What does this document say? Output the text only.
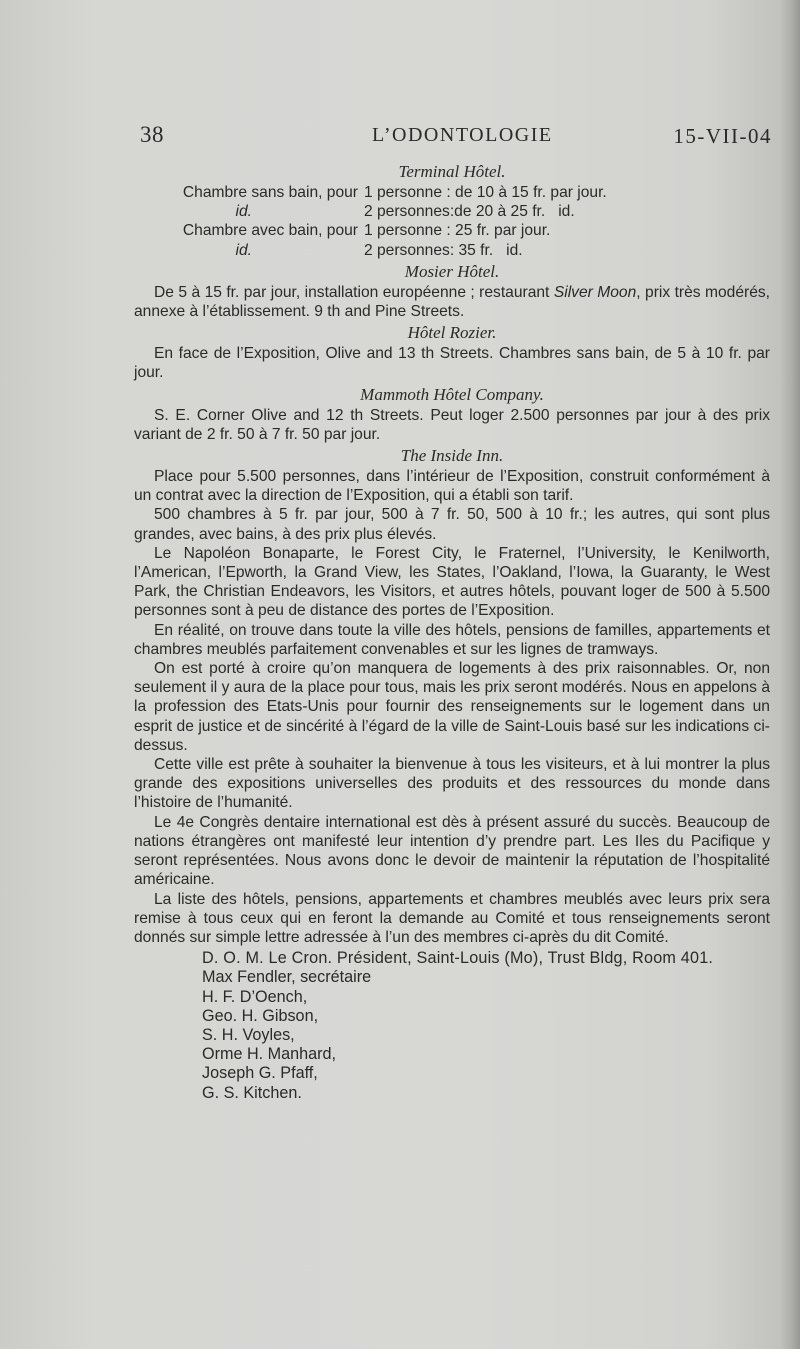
38	L’ODONTOLOGIE	15-VII-04
Terminal Hôtel.
Chambre sans bain, pour 1 personne : de 10 à 15 fr. par jour.
id.	2 personnes:de 20 à 25 fr.   id.
Chambre avec bain, pour 1 personne : 25 fr. par jour.
id.	2 personnes: 35 fr.   id.
Mosier Hôtel.

De 5 à 15 fr. par jour, installation européenne ; restaurant Silver Moon, prix très modérés, annexe à l’établissement. 9 th and Pine Streets.

Hôtel Rozier.

En face de l’Exposition, Olive and 13 th Streets. Chambres sans bain, de 5 à 10 fr. par jour.

Mammoth Hôtel Company.

S. E. Corner Olive and 12 th Streets. Peut loger 2.500 personnes par jour à des prix variant de 2 fr. 50 à 7 fr. 50 par jour.

The Inside Inn.

Place pour 5.500 personnes, dans l’intérieur de l’Exposition, construit conformément à un contrat avec la direction de l’Exposition, qui a établi son tarif.

500 chambres à 5 fr. par jour, 500 à 7 fr. 50, 500 à 10 fr.; les autres, qui sont plus grandes, avec bains, à des prix plus élevés.

Le Napoléon Bonaparte, le Forest City, le Fraternel, l’University, le Kenilworth, l’American, l’Epworth, la Grand View, les States, l’Oakland, l’Iowa, la Guaranty, le West Park, the Christian Endeavors, les Visitors, et autres hôtels, pouvant loger de 500 à 5.500 personnes sont à peu de distance des portes de l’Exposition.

En réalité, on trouve dans toute la ville des hôtels, pensions de familles, appartements et chambres meublés parfaitement convenables et sur les lignes de tramways.

On est porté à croire qu’on manquera de logements à des prix raisonnables. Or, non seulement il y aura de la place pour tous, mais les prix seront modérés. Nous en appelons à la profession des Etats-Unis pour fournir des renseignements sur le logement dans un esprit de justice et de sincérité à l’égard de la ville de Saint-Louis basé sur les indications ci-dessus.

Cette ville est prête à souhaiter la bienvenue à tous les visiteurs, et à lui montrer la plus grande des expositions universelles des produits et des ressources du monde dans l’histoire de l’humanité.

Le 4e Congrès dentaire international est dès à présent assuré du succès. Beaucoup de nations étrangères ont manifesté leur intention d’y prendre part. Les Iles du Pacifique y seront représentées. Nous avons donc le devoir de maintenir la réputation de l’hospitalité américaine.

La liste des hôtels, pensions, appartements et chambres meublés avec leurs prix sera remise à tous ceux qui en feront la demande au Comité et tous renseignements seront donnés sur simple lettre adressée à l’un des membres ci-après du dit Comité.

D. O. M. Le Cron. Président, Saint-Louis (Mo), Trust Bldg, Room 401.
Max Fendler, secrétaire
H. F. D’Oench,
Geo. H. Gibson,
S. H. Voyles,
Orme H. Manhard,
Joseph G. Pfaff,
G. S. Kitchen.
